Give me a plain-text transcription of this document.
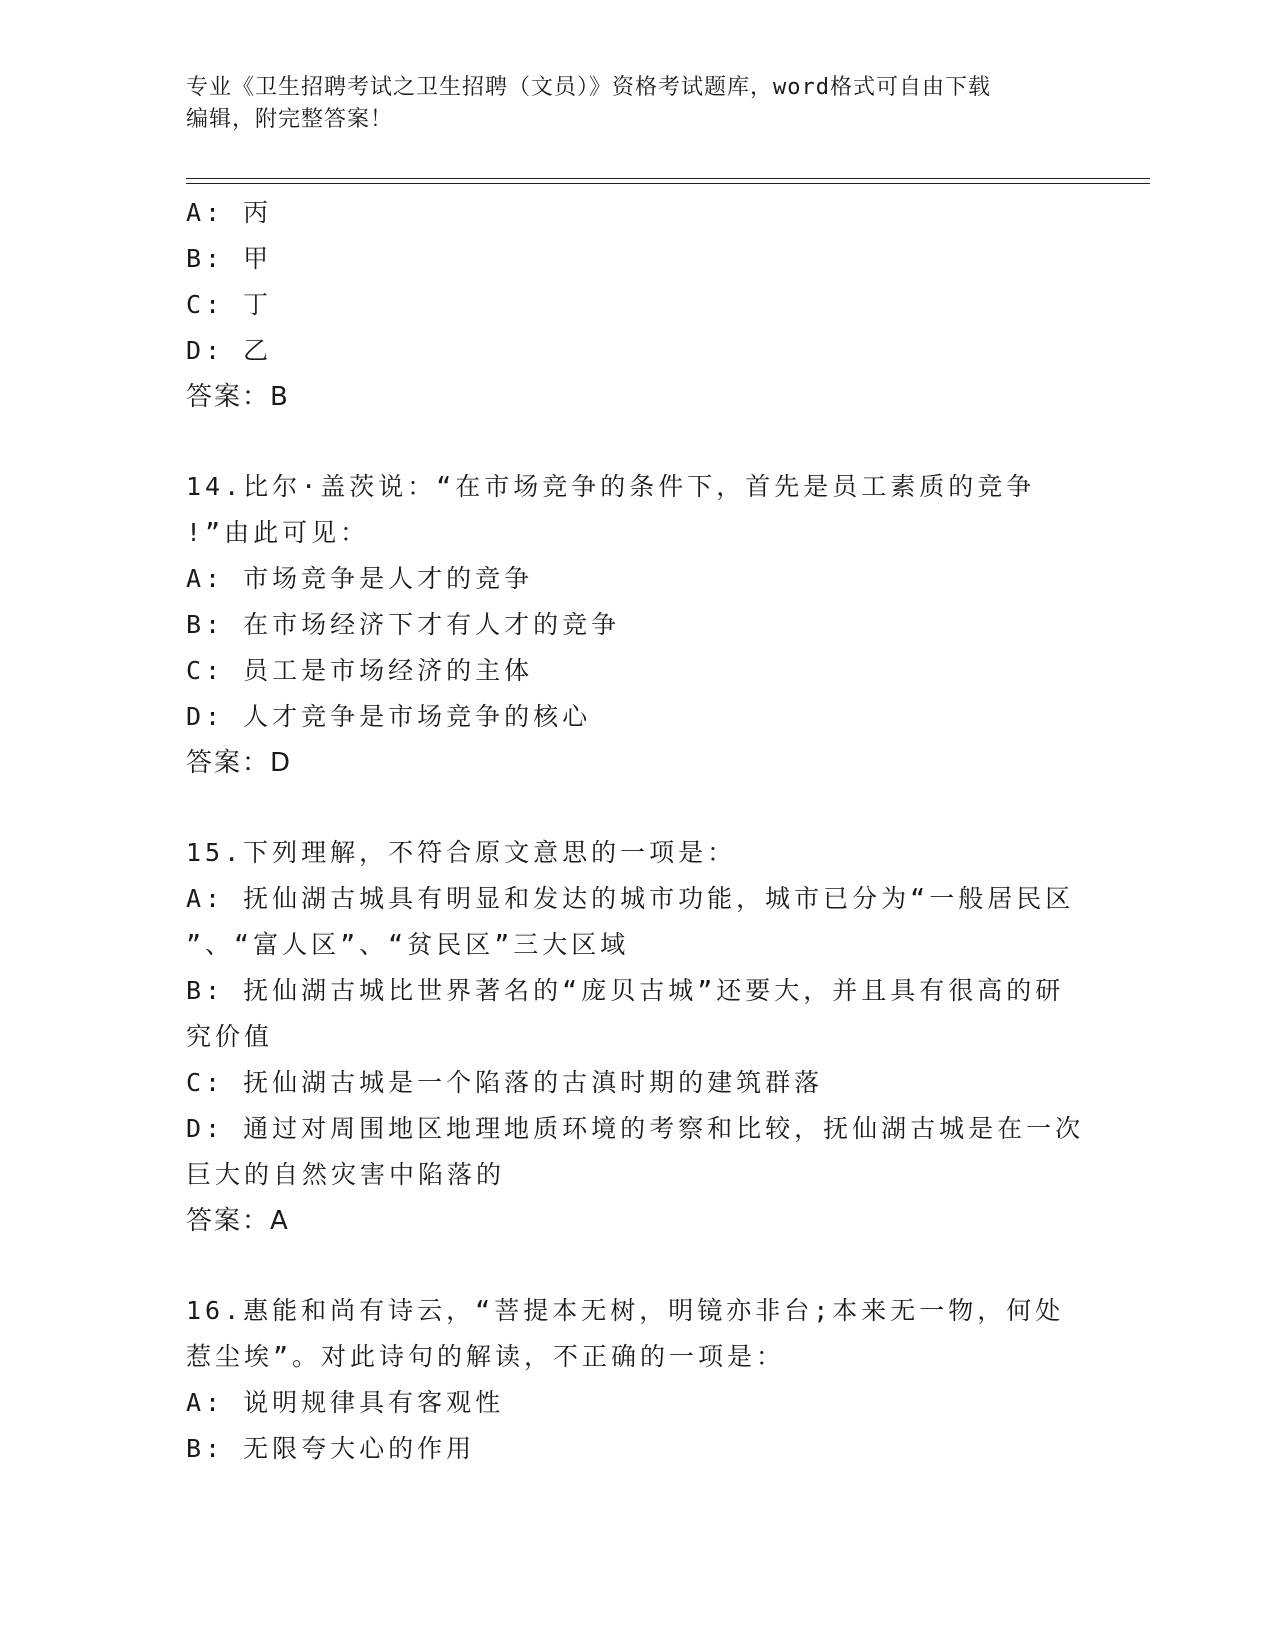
专业《卫生招聘考试之卫生招聘（文员）》资格考试题库，word格式可自由下载
编辑，附完整答案！
A: 丙
B: 甲
C: 丁
D: 乙
答案：B
14.比尔·盖茨说：“在市场竞争的条件下，首先是员工素质的竞争
!”由此可见：
A: 市场竞争是人才的竞争
B: 在市场经济下才有人才的竞争
C: 员工是市场经济的主体
D: 人才竞争是市场竞争的核心
答案：D
15.下列理解，不符合原文意思的一项是：
A: 抚仙湖古城具有明显和发达的城市功能，城市已分为“一般居民区
”、“富人区”、“贫民区”三大区域
B: 抚仙湖古城比世界著名的“庞贝古城”还要大，并且具有很高的研
究价值
C: 抚仙湖古城是一个陷落的古滇时期的建筑群落
D: 通过对周围地区地理地质环境的考察和比较，抚仙湖古城是在一次
巨大的自然灾害中陷落的
答案：A
16.惠能和尚有诗云，“菩提本无树，明镜亦非台;本来无一物，何处
惹尘埃”。对此诗句的解读，不正确的一项是：
A: 说明规律具有客观性
B: 无限夸大心的作用
